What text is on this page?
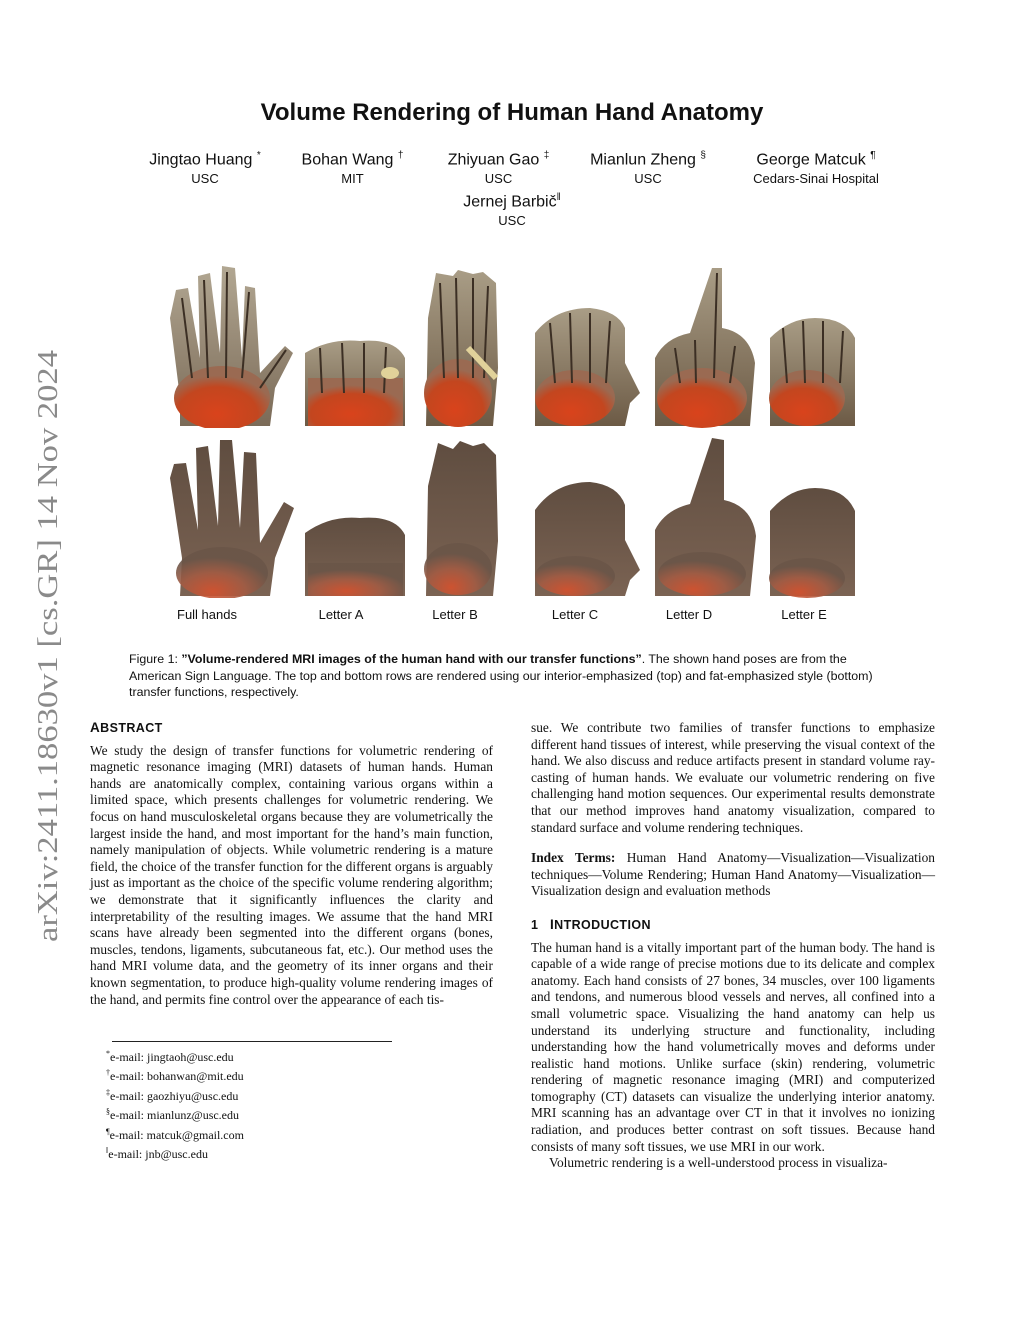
arXiv:2411.18630v1 [cs.GR] 14 Nov 2024
Volume Rendering of Human Hand Anatomy
Jingtao Huang *
USC
Bohan Wang †
MIT
Zhiyuan Gao ‡
USC
Mianlun Zheng §
USC
George Matcuk ¶
Cedars-Sinai Hospital
Jernej Barbič‖
USC
Full hands	Letter A	Letter B	Letter C	Letter D	Letter E
Figure 1: ”Volume-rendered MRI images of the human hand with our transfer functions”. The shown hand poses are from the American Sign Language. The top and bottom rows are rendered using our interior-emphasized (top) and fat-emphasized style (bottom) transfer functions, respectively.
ABSTRACT

We study the design of transfer functions for volumetric rendering of magnetic resonance imaging (MRI) datasets of human hands. Human hands are anatomically complex, containing various organs within a limited space, which presents challenges for volumetric rendering. We focus on hand musculoskeletal organs because they are volumetrically the largest inside the hand, and most important for the hand’s main function, namely manipulation of objects. While volumetric rendering is a mature field, the choice of the transfer function for the different organs is arguably just as important as the choice of the specific volume rendering algorithm; we demonstrate that it significantly influences the clarity and interpretability of the resulting images. We assume that the hand MRI scans have already been segmented into the different organs (bones, muscles, tendons, ligaments, subcutaneous fat, etc.). Our method uses the hand MRI volume data, and the geometry of its inner organs and their known segmentation, to produce high-quality volume rendering images of the hand, and permits fine control over the appearance of each tis-

*e-mail: jingtaoh@usc.edu
†e-mail: bohanwan@mit.edu
‡e-mail: gaozhiyu@usc.edu
§e-mail: mianlunz@usc.edu
¶e-mail: matcuk@gmail.com
‖e-mail: jnb@usc.edu

sue. We contribute two families of transfer functions to emphasize different hand tissues of interest, while preserving the visual context of the hand. We also discuss and reduce artifacts present in standard volume ray-casting of human hands. We evaluate our volumetric rendering on five challenging hand motion sequences. Our experimental results demonstrate that our method improves hand anatomy visualization, compared to standard surface and volume rendering techniques.

Index Terms: Human Hand Anatomy—Visualization—Visualization techniques—Volume Rendering; Human Hand Anatomy—Visualization—Visualization design and evaluation methods

1 INTRODUCTION

The human hand is a vitally important part of the human body. The hand is capable of a wide range of precise motions due to its delicate and complex anatomy. Each hand consists of 27 bones, 34 muscles, over 100 ligaments and tendons, and numerous blood vessels and nerves, all confined into a small volumetric space. Visualizing the hand anatomy can help us understand its underlying structure and functionality, including understanding how the hand volumetrically moves and deforms under realistic hand motions. Unlike surface (skin) rendering, volumetric rendering of magnetic resonance imaging (MRI) and computerized tomography (CT) datasets can visualize the underlying interior anatomy. MRI scanning has an advantage over CT in that it involves no ionizing radiation, and produces better contrast on soft tissues. Because hand consists of many soft tissues, we use MRI in our work.

Volumetric rendering is a well-understood process in visualiza-
